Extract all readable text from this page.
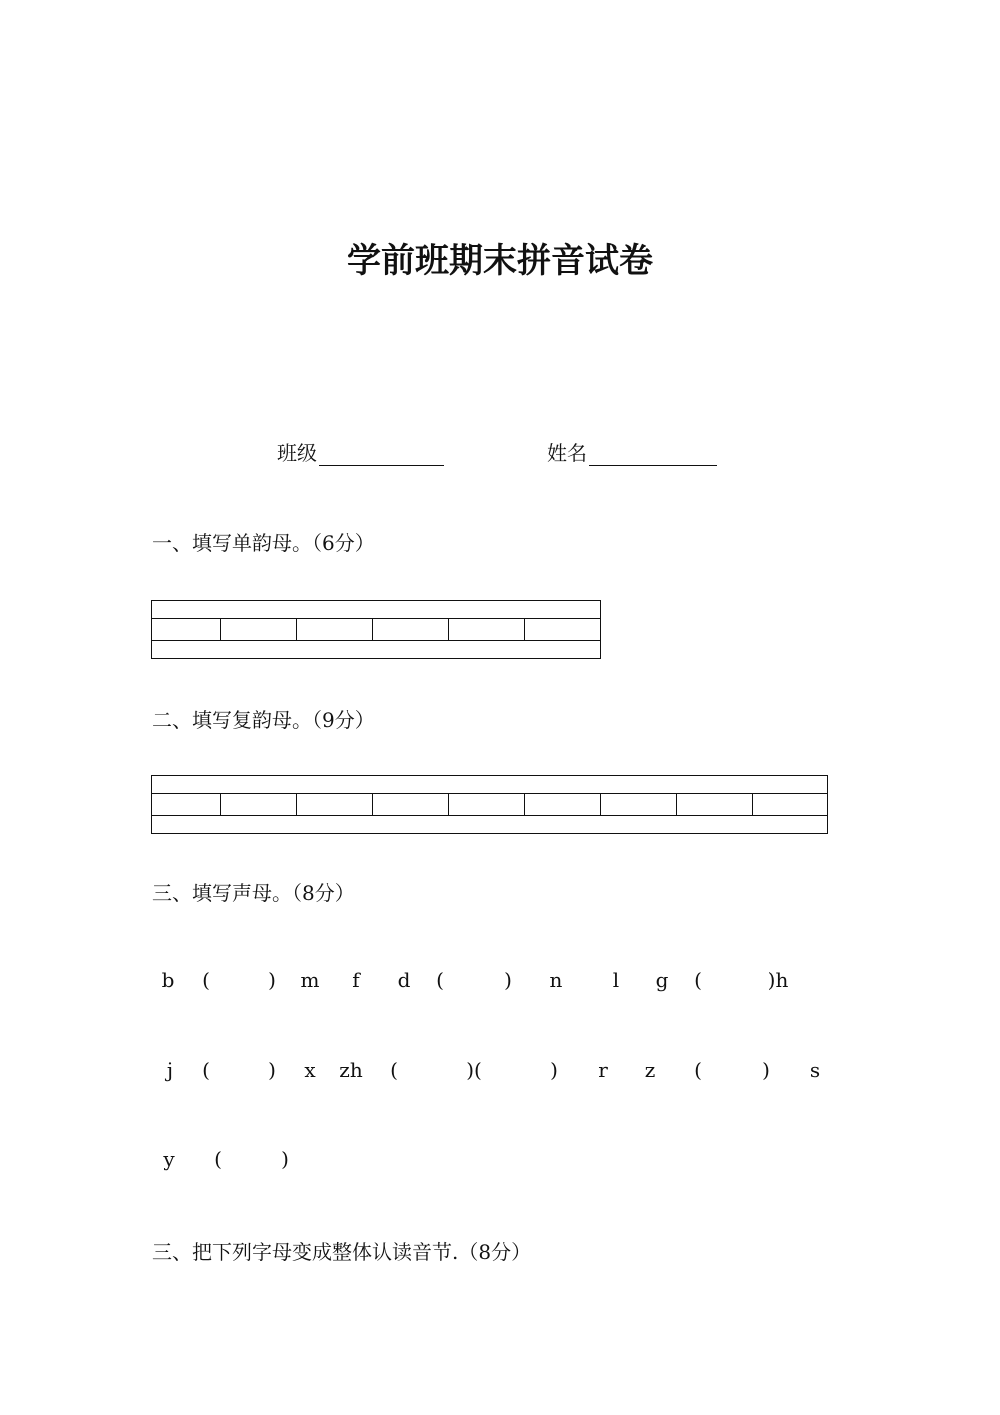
学前班期末拼音试卷
班级	姓名
一、填写单韵母。（6分）

二、填写复韵母。（9分）

三、填写声母。（8分）
b (	) m f d (	) n	l g (	)h
j (	) x zh (	)(	) r z (	) s
y (	)
三、把下列字母变成整体认读音节.（8分）
